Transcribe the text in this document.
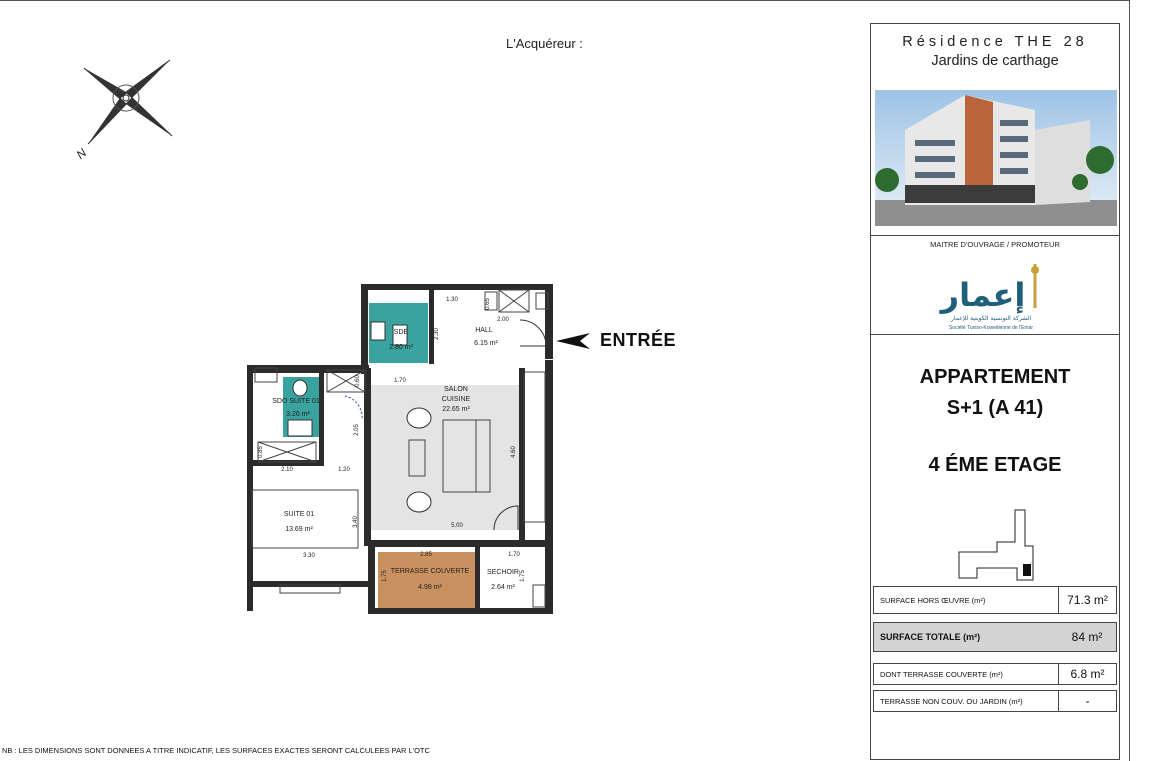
L'Acquéreur :
N
SDE
2.80 m²
HALL
6.15 m²
SALON
CUISINE
22.65 m²
SDO SUITE 01
3.26 m²
SUITE 01
13.69 m²
TERRASSE COUVERTE
4.98 m²
SECHOIR
2.64 m²
1.30	0.65
2.00
2.30
1.70
0.60
2.05
2.10	1.20
4.60
3.40	5.00
3.30	2.85	1.70
1.75	1.75
0.85
ENTRÉE
NB : LES DIMENSIONS SONT DONNEES A TITRE INDICATIF, LES SURFACES EXACTES SERONT CALCULEES PAR L'OTC
Résidence THE 28
Jardins de carthage
MAITRE D'OUVRAGE / PROMOTEUR
إعمار
الشركة التونسية الكويتية للإعمار
Société Tuniso-Koweitienne de l'Emar
APPARTEMENT
S+1 (A 41)
4 ÉME ETAGE
SURFACE HORS ŒUVRE (m²)	71.3 m²
SURFACE TOTALE (m²)	84 m²
DONT TERRASSE COUVERTE (m²)	6.8 m²
TERRASSE NON COUV. OU JARDIN (m²)	-
